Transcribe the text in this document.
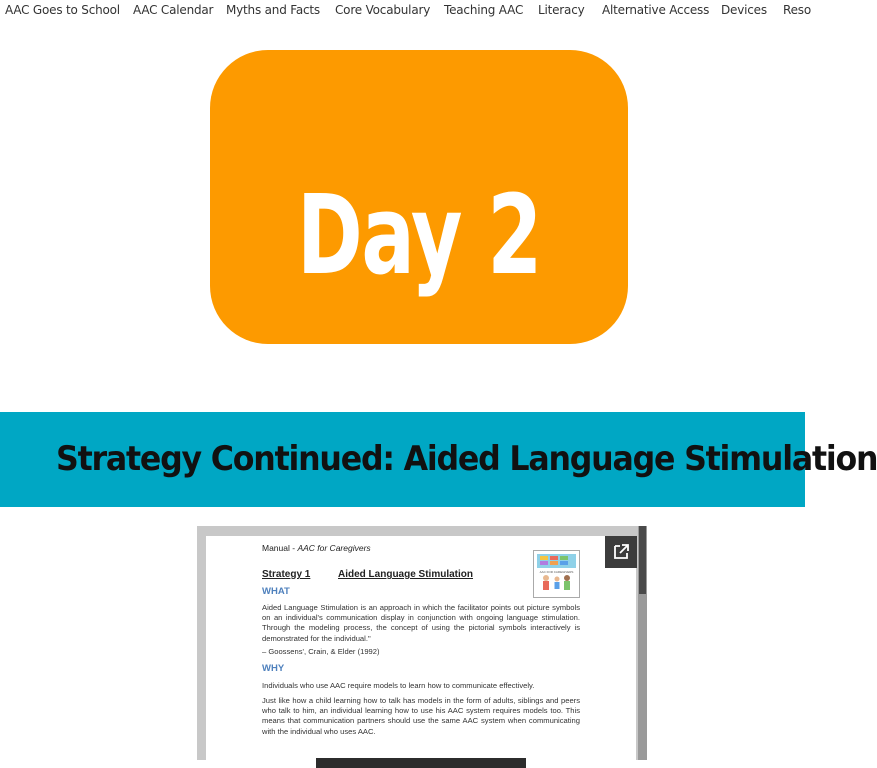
AAC Goes to School AAC Calendar Myths and Facts Core Vocabulary Teaching AAC Literacy Alternative Access Devices Reso
Day 2
Strategy Continued: Aided Language Stimulation
Manual - AAC for Caregivers
AAC FOR CAREGIVERS
Strategy 1	Aided Language Stimulation
WHAT
Aided Language Stimulation is an approach in which the facilitator points out picture symbols on an individual's communication display in conjunction with ongoing language stimulation. Through the modeling process, the concept of using the pictorial symbols interactively is demonstrated for the individual."
– Goossens', Crain, & Elder (1992)
WHY
Individuals who use AAC require models to learn how to communicate effectively.
Just like how a child learning how to talk has models in the form of adults, siblings and peers who talk to him, an individual learning how to use his AAC system requires models too. This means that communication partners should use the same AAC system when communicating with the individual who uses AAC.
